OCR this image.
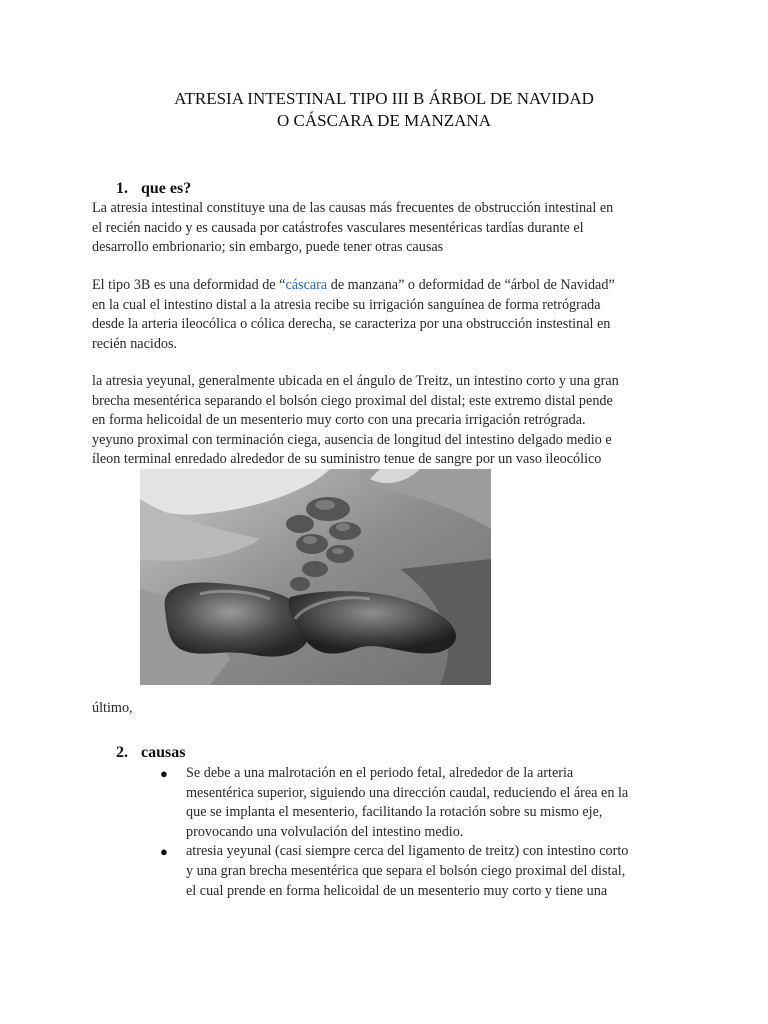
ATRESIA INTESTINAL TIPO III B ÁRBOL DE NAVIDAD
O CÁSCARA DE MANZANA
1. que es?
La atresia intestinal constituye una de las causas más frecuentes de obstrucción intestinal en
el recién nacido y es causada por catástrofes vasculares mesentéricas tardías durante el
desarrollo embrionario; sin embargo, puede tener otras causas
El tipo 3B es una deformidad de “cáscara de manzana” o deformidad de “árbol de Navidad”
en la cual el intestino distal a la atresia recibe su irrigación sanguínea de forma retrógrada
desde la arteria ileocólica o cólica derecha, se caracteriza por una obstrucción instestinal en
recién nacidos.
la atresia yeyunal, generalmente ubicada en el ángulo de Treitz, un intestino corto y una gran
brecha mesentérica separando el bolsón ciego proximal del distal; este extremo distal pende
en forma helicoidal de un mesenterio muy corto con una precaria irrigación retrógrada.
yeyuno proximal con terminación ciega, ausencia de longitud del intestino delgado medio e
íleon terminal enredado alrededor de su suministro tenue de sangre por un vaso ileocólico
· · · · · · · · · · · · · · · · · · · · · · · · · · · · · · · · · · · ·
último,
2. causas
● Se debe a una malrotación en el periodo fetal, alrededor de la arteria
mesentérica superior, siguiendo una dirección caudal, reduciendo el área en la
que se implanta el mesenterio, facilitando la rotación sobre su mismo eje,
provocando una volvulación del intestino medio.
● atresia yeyunal (casi siempre cerca del ligamento de treitz) con intestino corto
y una gran brecha mesentérica que separa el bolsón ciego proximal del distal,
el cual prende en forma helicoidal de un mesenterio muy corto y tiene una
